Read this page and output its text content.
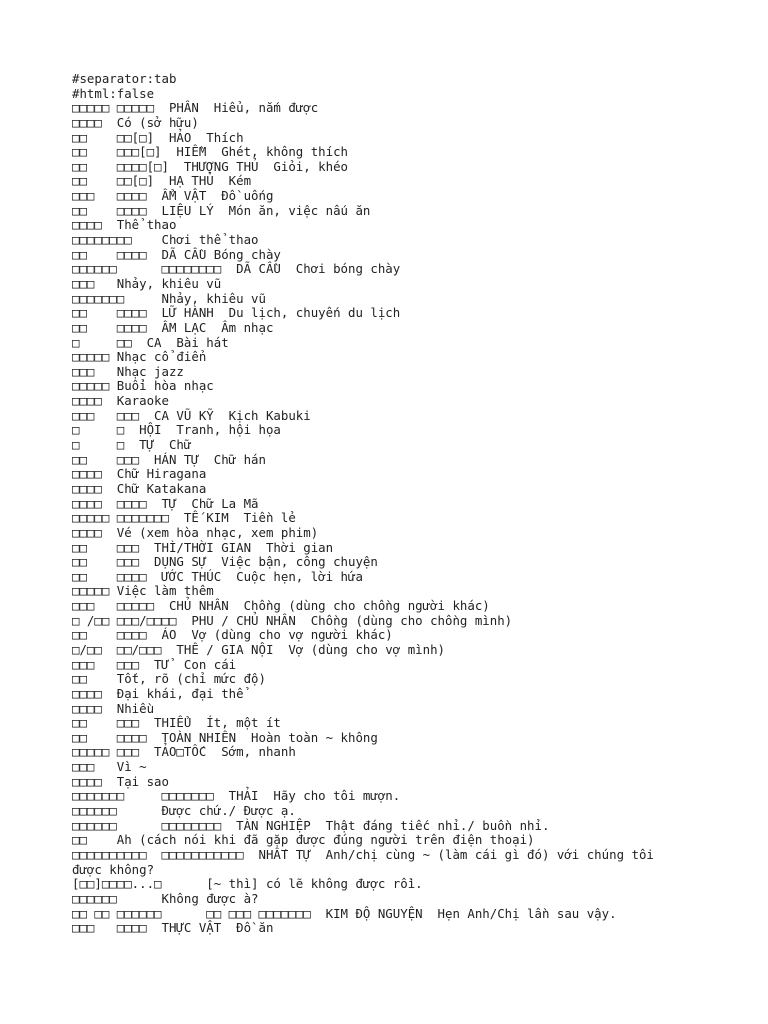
#separator:tab
#html:false
□□□□□ □□□□□  PHÂN  Hiểu, nắm được
□□□□  Có (sở hữu)
□□    □□[□]  HẢO  Thích
□□    □□□[□]  HIỀM  Ghét, không thích
□□    □□□□[□]  THƯỢNG THỦ  Giỏi, khéo
□□    □□[□]  HẠ THỦ  Kém
□□□   □□□□  ẨM VẬT  Đồ uống
□□    □□□□  LIỆU LÝ  Món ăn, việc nấu ăn
□□□□  Thể thao
□□□□□□□□    Chơi thể thao
□□    □□□□  DÃ CẦU Bóng chày
□□□□□□      □□□□□□□□  DÃ CẦU  Chơi bóng chày
□□□   Nhảy, khiêu vũ
□□□□□□□     Nhảy, khiêu vũ
□□    □□□□  LỮ HÀNH  Du lịch, chuyến du lịch
□□    □□□□  ÂM LẠC  Âm nhạc
□     □□  CA  Bài hát
□□□□□ Nhạc cổ điển
□□□   Nhạc jazz
□□□□□ Buổi hòa nhạc
□□□□  Karaoke
□□□   □□□  CA VŨ KỸ  Kịch Kabuki
□     □  HỘI  Tranh, hội họa
□     □  TỰ  Chữ
□□    □□□  HÁN TỰ  Chữ hán
□□□□  Chữ Hiragana
□□□□  Chữ Katakana
□□□□  □□□□  TỰ  Chữ La Mã
□□□□□ □□□□□□□  TẾ KIM  Tiền lẻ
□□□□  Vé (xem hòa nhạc, xem phim)
□□    □□□  THÌ/THỜI GIAN  Thời gian
□□    □□□  DỤNG SỰ  Việc bận, công chuyện
□□    □□□□  ƯỚC THÚC  Cuộc hẹn, lời hứa
□□□□□ Việc làm thêm
□□□   □□□□□  CHỦ NHÂN  Chồng (dùng cho chồng người khác)
□ /□□ □□□/□□□□  PHU / CHỦ NHÂN  Chồng (dùng cho chồng mình)
□□    □□□□  ÁO  Vợ (dùng cho vợ người khác)
□/□□  □□/□□□  THÊ / GIA NỘI  Vợ (dùng cho vợ mình)
□□□   □□□  TỬ  Con cái
□□    Tốt, rõ (chỉ mức độ)
□□□□  Đại khái, đại thể
□□□□  Nhiều
□□    □□□  THIỂU  Ít, một ít
□□    □□□□  TOÀN NHIÊN  Hoàn toàn ~ không
□□□□□ □□□  TẢO□TỐC  Sớm, nhanh
□□□   Vì ~
□□□□  Tại sao
□□□□□□□     □□□□□□□  THẢI  Hãy cho tôi mượn.
□□□□□□      Được chứ./ Được ạ.
□□□□□□      □□□□□□□□  TÀN NGHIỆP  Thật đáng tiếc nhỉ./ buồn nhỉ.
□□    Ah (cách nói khi đã gặp được đúng người trên điện thoại)
□□□□□□□□□□  □□□□□□□□□□□  NHẤT TỰ  Anh/chị cùng ~ (làm cái gì đó) với chúng tôi
được không?
[□□]□□□□...□      [~ thì] có lẽ không được rồi.
□□□□□□      Không được à?
□□ □□ □□□□□□      □□ □□□ □□□□□□□  KIM ĐỘ NGUYỆN  Hẹn Anh/Chị lần sau vậy.
□□□   □□□□  THỰC VẬT  Đồ ăn
